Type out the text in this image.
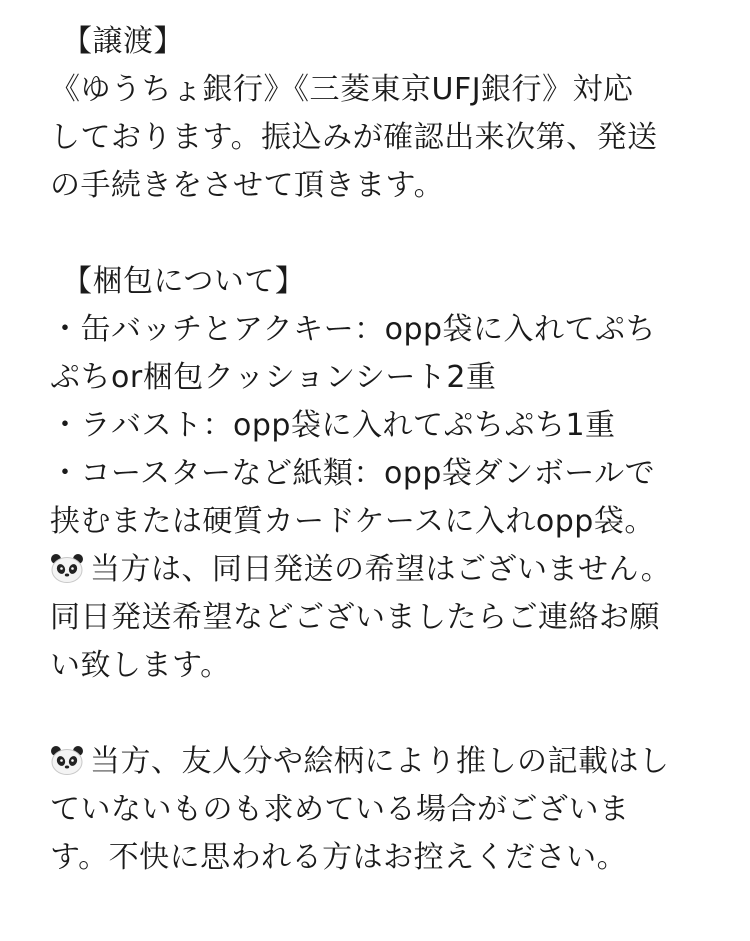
【譲渡】
《ゆうちょ銀行》《三菱東京UFJ銀行》対応
しております。振込みが確認出来次第、発送
の手続きをさせて頂きます。
【梱包について】
・缶バッチとアクキー：opp袋に入れてぷち
ぷちor梱包クッションシート2重
・ラバスト：opp袋に入れてぷちぷち1重
・コースターなど紙類：opp袋ダンボールで
挟むまたは硬質カードケースに入れopp袋。
当方は、同日発送の希望はございません。
同日発送希望などございましたらご連絡お願
い致します。
当方、友人分や絵柄により推しの記載はし
ていないものも求めている場合がございま
す。不快に思われる方はお控えください。
